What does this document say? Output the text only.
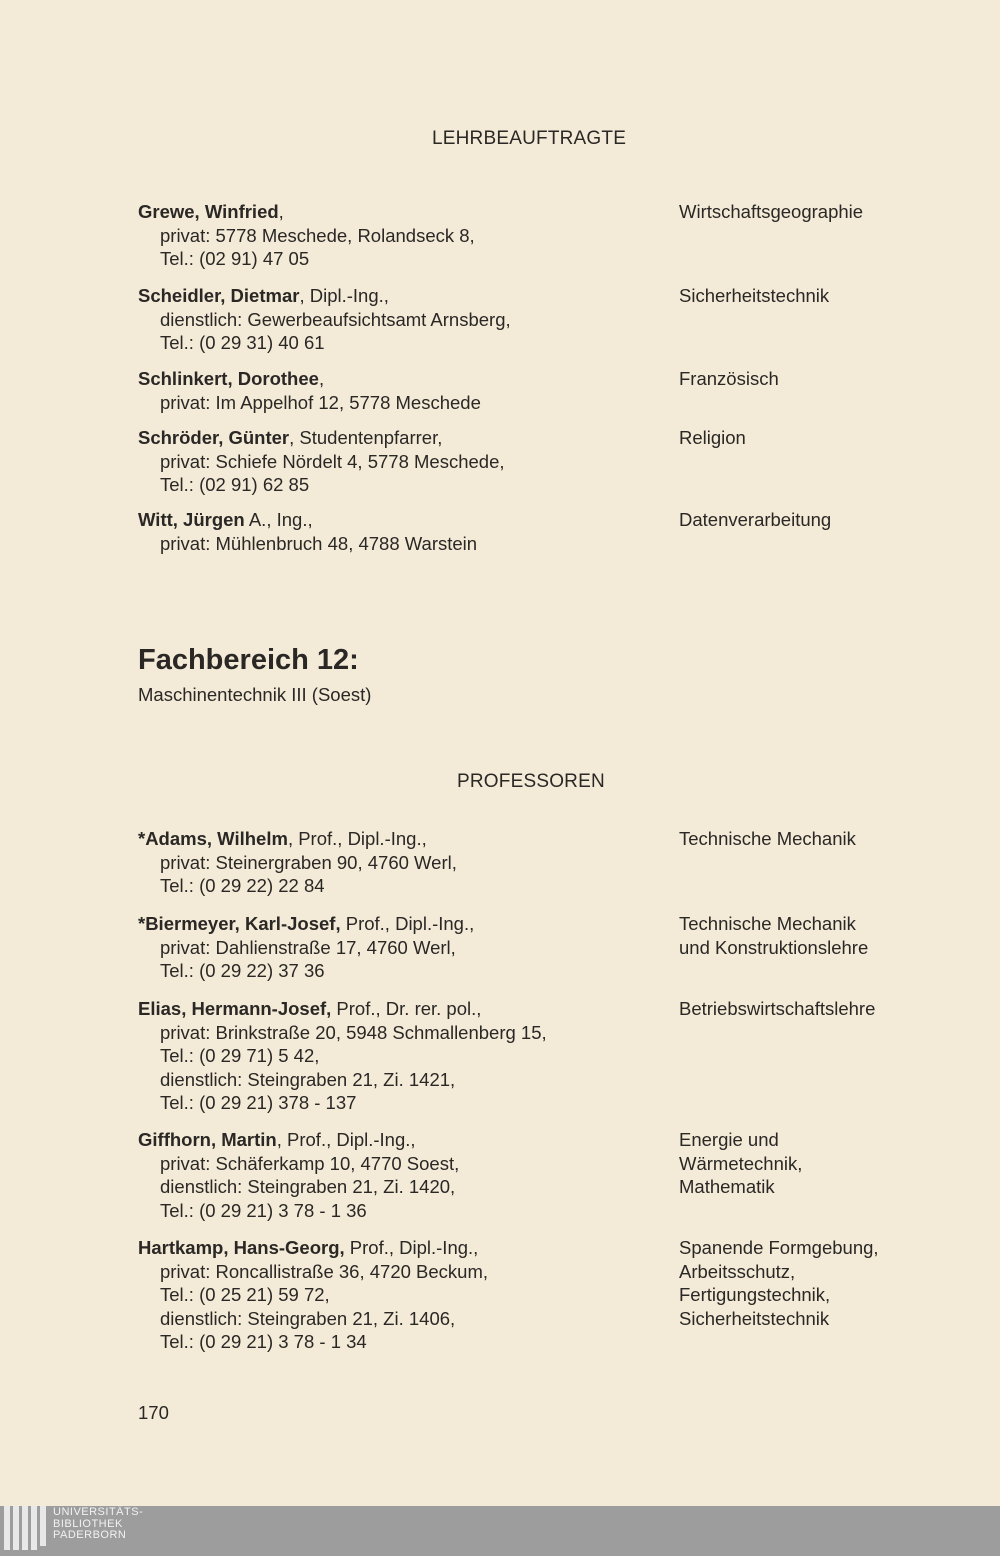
LEHRBEAUFTRAGTE
Grewe, Winfried,
privat: 5778 Meschede, Rolandseck 8,
Tel.: (02 91) 47 05
Wirtschaftsgeographie
Scheidler, Dietmar, Dipl.-Ing.,
dienstlich: Gewerbeaufsichtsamt Arnsberg,
Tel.: (0 29 31) 40 61
Sicherheitstechnik
Schlinkert, Dorothee,
privat: Im Appelhof 12, 5778 Meschede
Französisch
Schröder, Günter, Studentenpfarrer,
privat: Schiefe Nördelt 4, 5778 Meschede,
Tel.: (02 91) 62 85
Religion
Witt, Jürgen A., Ing.,
privat: Mühlenbruch 48, 4788 Warstein
Datenverarbeitung
Fachbereich 12:
Maschinentechnik III (Soest)
PROFESSOREN
*Adams, Wilhelm, Prof., Dipl.-Ing.,
privat: Steinergraben 90, 4760 Werl,
Tel.: (0 29 22) 22 84
Technische Mechanik
*Biermeyer, Karl-Josef, Prof., Dipl.-Ing.,
privat: Dahlienstraße 17, 4760 Werl,
Tel.: (0 29 22) 37 36
Technische Mechanik
und Konstruktionslehre
Elias, Hermann-Josef, Prof., Dr. rer. pol.,
privat: Brinkstraße 20, 5948 Schmallenberg 15,
Tel.: (0 29 71) 5 42,
dienstlich: Steingraben 21, Zi. 1421,
Tel.: (0 29 21) 378 - 137
Betriebswirtschaftslehre
Giffhorn, Martin, Prof., Dipl.-Ing.,
privat: Schäferkamp 10, 4770 Soest,
dienstlich: Steingraben 21, Zi. 1420,
Tel.: (0 29 21) 3 78 - 1 36
Energie und
Wärmetechnik,
Mathematik
Hartkamp, Hans-Georg, Prof., Dipl.-Ing.,
privat: Roncallistraße 36, 4720 Beckum,
Tel.: (0 25 21) 59 72,
dienstlich: Steingraben 21, Zi. 1406,
Tel.: (0 29 21) 3 78 - 1 34
Spanende Formgebung,
Arbeitsschutz,
Fertigungstechnik,
Sicherheitstechnik
170
UNIVERSITÄTS-
BIBLIOTHEK
PADERBORN
